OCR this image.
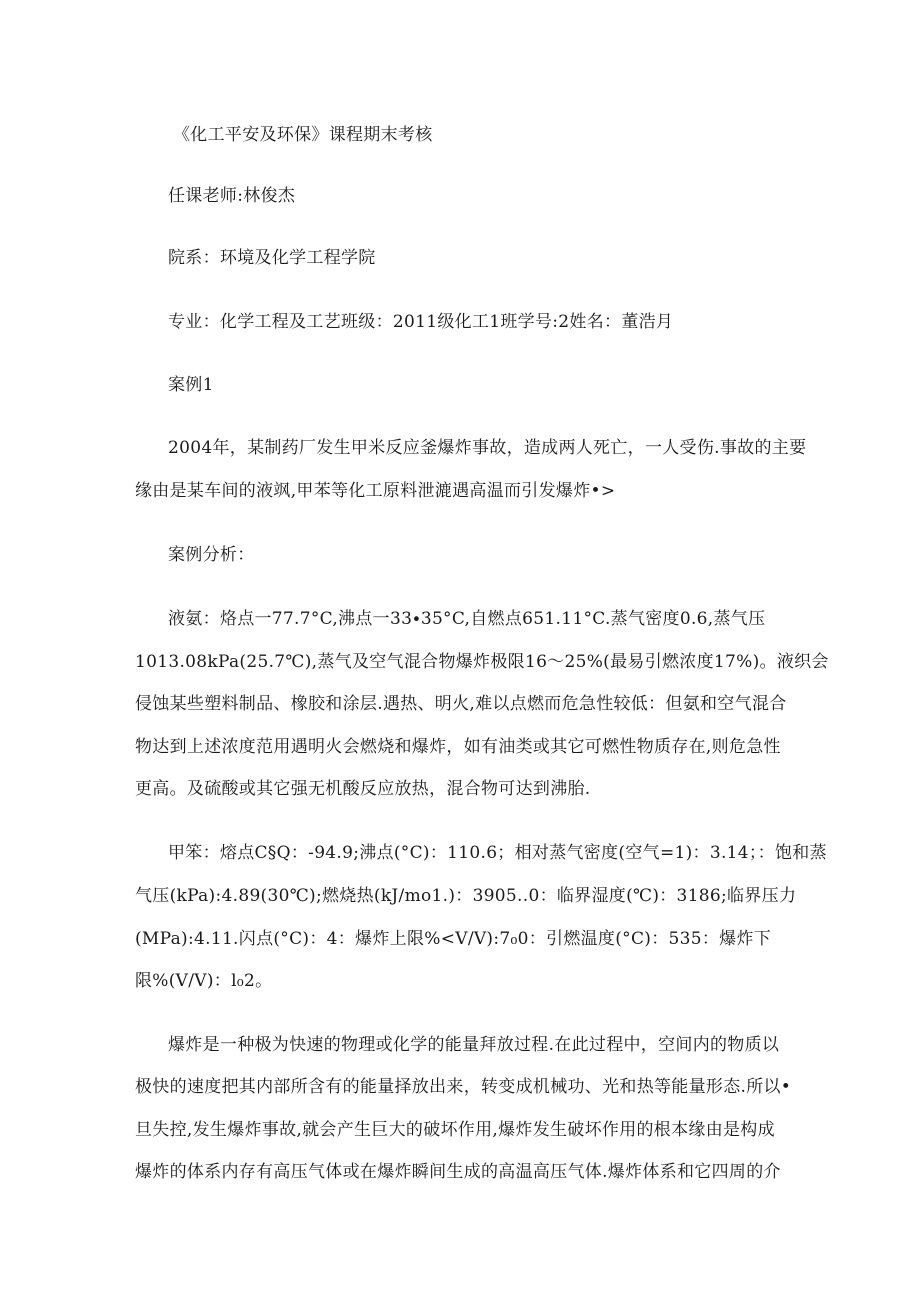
《化工平安及环保》课程期末考核
任课老师:林俊杰
院系：环境及化学工程学院
专业：化学工程及工艺班级：2011级化工1班学号:2姓名：董浩月
案例1
2004年，某制药厂发生甲米反应釜爆炸事故，造成两人死亡，一人受伤.事故的主要
缘由是某车间的液飒,甲苯等化工原料泄漉遇高温而引发爆炸•>
案例分析：
液氨：烙点一77.7°C,沸点一33∙35°C,自燃点651.11°C.蒸气密度0.6,蒸气压
1013.08kPa(25.7℃),蒸气及空气混合物爆炸极限16〜25%(最易引燃浓度17%)。液织会
侵蚀某些塑料制品、橡胶和涂层.遇热、明火,难以点燃而危急性较低：但氨和空气混合
物达到上述浓度范用遇明火会燃烧和爆炸，如有油类或其它可燃性物质存在,则危急性
更高。及硫酸或其它强无机酸反应放热，混合物可达到沸胎.
甲笨：熔点C§Q：-94.9;沸点(°C)：110.6；相对蒸气密度(空气=1)：3.14；：饱和蒸
气压(kPa):4.89(30℃);燃烧热(kJ/mo1.)：3905..0：临界湿度(℃)：3186;临界压力
(MPa):4.11.闪点(°C)：4：爆炸上限%<V/V):7₀0：引燃温度(°C)：535：爆炸下
限%(V/V)：l₀2。
爆炸是一种极为快速的物理或化学的能量拜放过程.在此过程中，空间内的物质以
极快的速度把其内部所含有的能量择放出来，转变成机械功、光和热等能量形态.所以•
旦失控,发生爆炸事故,就会产生巨大的破坏作用,爆炸发生破坏作用的根本缘由是构成
爆炸的体系内存有高压气体或在爆炸瞬间生成的高温高压气体.爆炸体系和它四周的介
